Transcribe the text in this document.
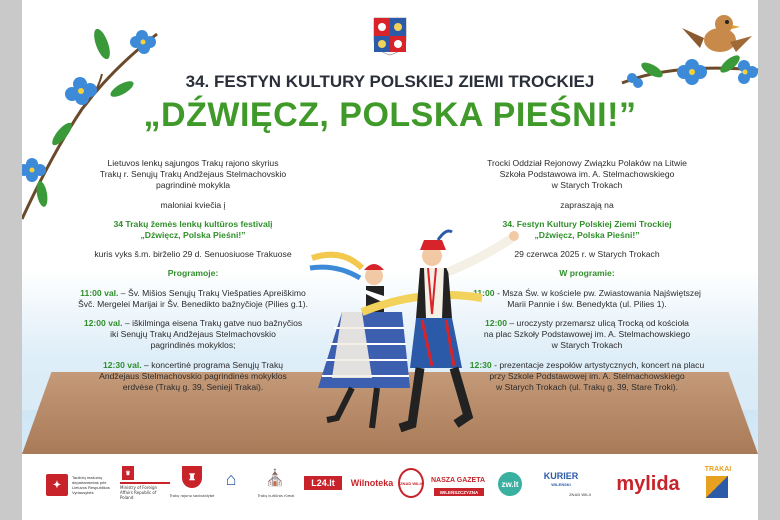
34. FESTYN KULTURY POLSKIEJ ZIEMI TROCKIEJ
„DŹWIĘCZ, POLSKA PIEŚNI!”

Lietuvos lenkų sąjungos Trakų rajono skyrius
Trakų r. Senųjų Trakų Andžejaus Stelmachovskio
pagrindinė mokykla

maloniai kviečia į

34 Trakų žemės lenkų kultūros festivalį
„Dźwięcz, Polska Pieśni!”

kuris vyks š.m. birželio 29 d. Senuosiuose Trakuose

Programoje:

11:00 val. – Šv. Mišios Senųjų Trakų Viešpaties Apreiškimo
Švč. Mergelei Marijai ir Šv. Benedikto bažnyčioje (Pilies g.1).

12:00 val. – iškilminga eisena Trakų gatve nuo bažnyčios
iki Senųjų Trakų Andžejaus Stelmachovskio
pagrindinės mokyklos;

12:30 val. – koncertinė programa Senųjų Trakų
Andžejaus Stelmachovskio pagrindinės mokyklos
erdvėse (Trakų g. 39, Senieji Trakai).

Trocki Oddział Rejonowy Związku Polaków na Litwie
Szkoła Podstawowa im. A. Stelmachowskiego
w Starych Trokach

zapraszają na

34. Festyn Kultury Polskiej Ziemi Trockiej
„Dźwięcz, Polska Pieśni!”

29 czerwca 2025 r. w Starych Trokach

W programie:

11:00 - Msza Św. w kościele pw. Zwiastowania Najświętszej
Marii Pannie i św. Benedykta (ul. Pilies 1).

12:00 – uroczysty przemarsz ulicą Trocką od kościoła
na plac Szkoły Podstawowej im. A. Stelmachowskiego
w Starych Trokach

12:30 - prezentacje zespołów artystycznych, koncert na placu
przy Szkole Podstawowej im. A. Stelmachowskiego
w Starych Trokach (ul. Trakų g. 39, Stare Troki).

✦
Tautinių mažumų departamentas prie Lietuvos Respublikos Vyriausybės
♛
Ministry of Foreign Affairs Republic of Poland
♜
Trakų rajono savivaldybė
⌂	⛪
Trakų kultūros rūmai
L24.lt	Wilnoteka	ZNAD WILII	NASZA GAZETA
WILEŃSZCZYZNA
zw.lt
KURIER
WILEŃSKI
ZNAD WILII	mylida
TRAKAI
